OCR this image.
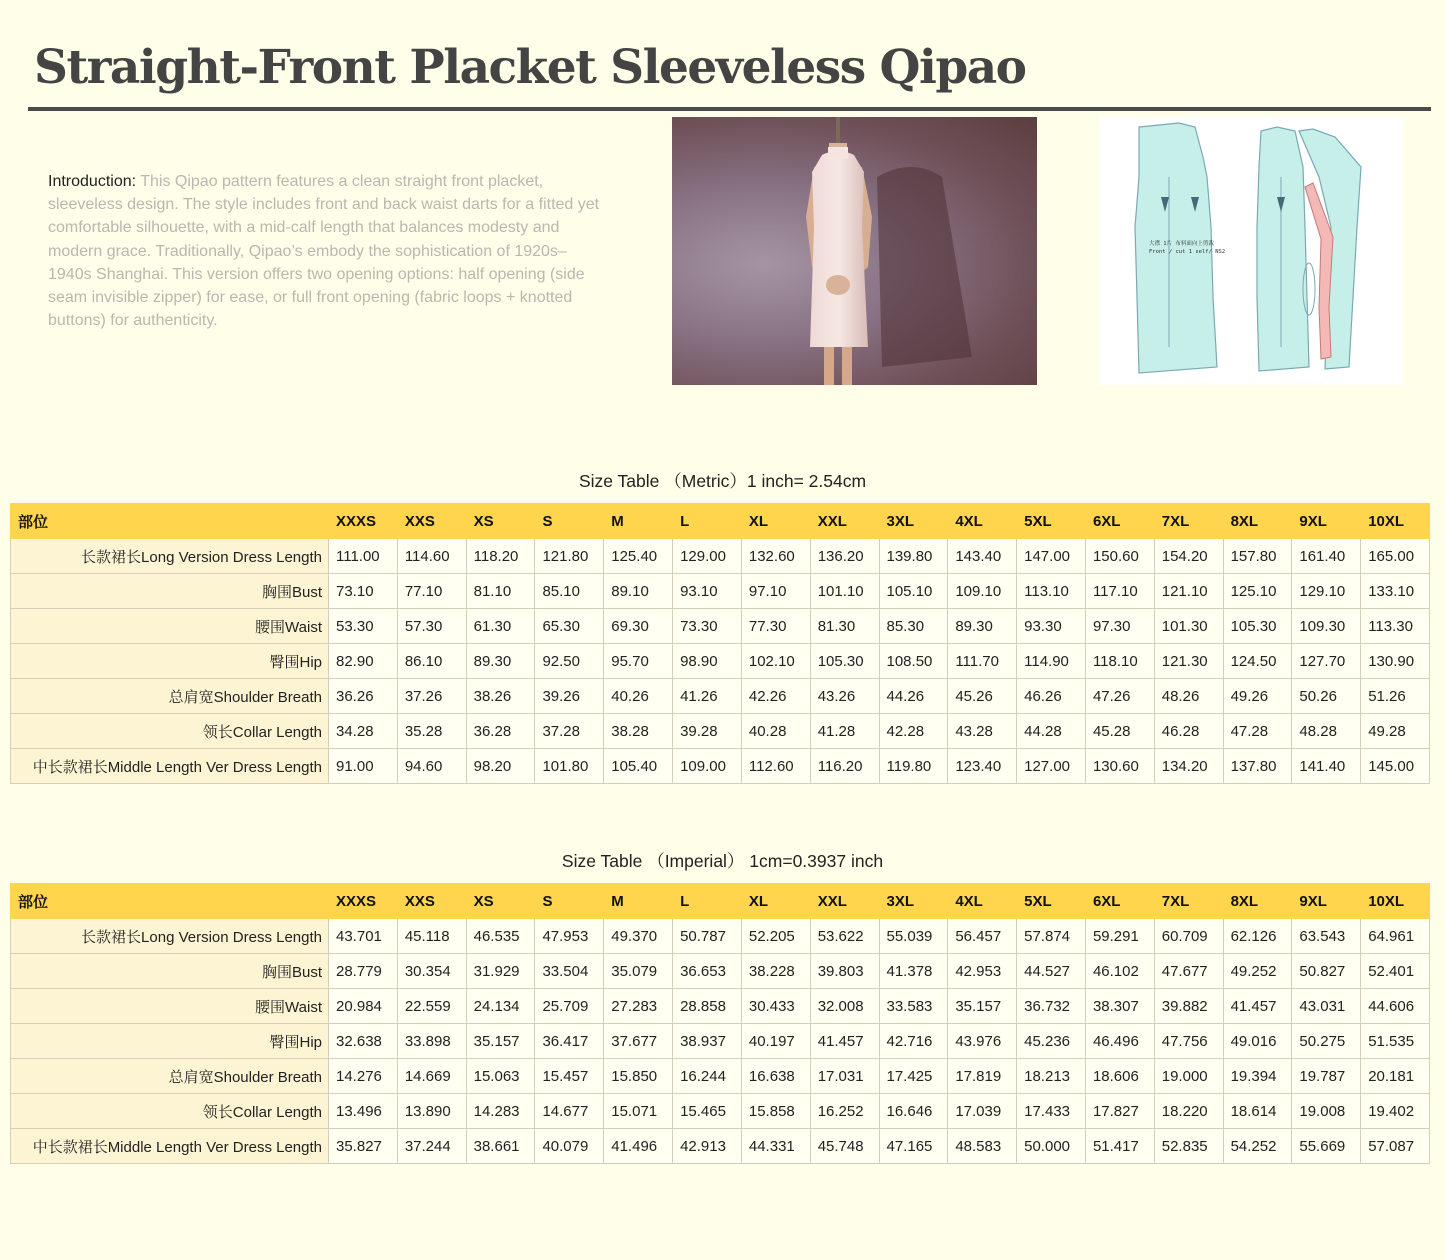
Straight-Front Placket Sleeveless Qipao

Introduction: This Qipao pattern features a clean straight front placket, sleeveless design. The style includes front and back waist darts for a fitted yet comfortable silhouette, with a mid-calf length that balances modesty and modern grace. Traditionally, Qipao’s embody the sophistication of 1920s–1940s Shanghai. This version offers two opening options: half opening (side seam invisible zipper) for ease, or full front opening (fabric loops + knotted buttons) for authenticity.

大襟 1片 布料面向上剪裁
Front / cut 1 self/ NS2
Size Table （Metric）1 inch= 2.54cm
部位	XXXS	XXS	XS	S	M	L	XL	XXL	3XL	4XL	5XL	6XL	7XL	8XL	9XL	10XL
长款裙长Long Version Dress Length	111.00	114.60	118.20	121.80	125.40	129.00	132.60	136.20	139.80	143.40	147.00	150.60	154.20	157.80	161.40	165.00
胸围Bust	73.10	77.10	81.10	85.10	89.10	93.10	97.10	101.10	105.10	109.10	113.10	117.10	121.10	125.10	129.10	133.10
腰围Waist	53.30	57.30	61.30	65.30	69.30	73.30	77.30	81.30	85.30	89.30	93.30	97.30	101.30	105.30	109.30	113.30
臀围Hip	82.90	86.10	89.30	92.50	95.70	98.90	102.10	105.30	108.50	111.70	114.90	118.10	121.30	124.50	127.70	130.90
总肩宽Shoulder Breath	36.26	37.26	38.26	39.26	40.26	41.26	42.26	43.26	44.26	45.26	46.26	47.26	48.26	49.26	50.26	51.26
领长Collar Length	34.28	35.28	36.28	37.28	38.28	39.28	40.28	41.28	42.28	43.28	44.28	45.28	46.28	47.28	48.28	49.28
中长款裙长Middle Length Ver Dress Length	91.00	94.60	98.20	101.80	105.40	109.00	112.60	116.20	119.80	123.40	127.00	130.60	134.20	137.80	141.40	145.00
Size Table （Imperial） 1cm=0.3937 inch
部位	XXXS	XXS	XS	S	M	L	XL	XXL	3XL	4XL	5XL	6XL	7XL	8XL	9XL	10XL
长款裙长Long Version Dress Length	43.701	45.118	46.535	47.953	49.370	50.787	52.205	53.622	55.039	56.457	57.874	59.291	60.709	62.126	63.543	64.961
胸围Bust	28.779	30.354	31.929	33.504	35.079	36.653	38.228	39.803	41.378	42.953	44.527	46.102	47.677	49.252	50.827	52.401
腰围Waist	20.984	22.559	24.134	25.709	27.283	28.858	30.433	32.008	33.583	35.157	36.732	38.307	39.882	41.457	43.031	44.606
臀围Hip	32.638	33.898	35.157	36.417	37.677	38.937	40.197	41.457	42.716	43.976	45.236	46.496	47.756	49.016	50.275	51.535
总肩宽Shoulder Breath	14.276	14.669	15.063	15.457	15.850	16.244	16.638	17.031	17.425	17.819	18.213	18.606	19.000	19.394	19.787	20.181
领长Collar Length	13.496	13.890	14.283	14.677	15.071	15.465	15.858	16.252	16.646	17.039	17.433	17.827	18.220	18.614	19.008	19.402
中长款裙长Middle Length Ver Dress Length	35.827	37.244	38.661	40.079	41.496	42.913	44.331	45.748	47.165	48.583	50.000	51.417	52.835	54.252	55.669	57.087
